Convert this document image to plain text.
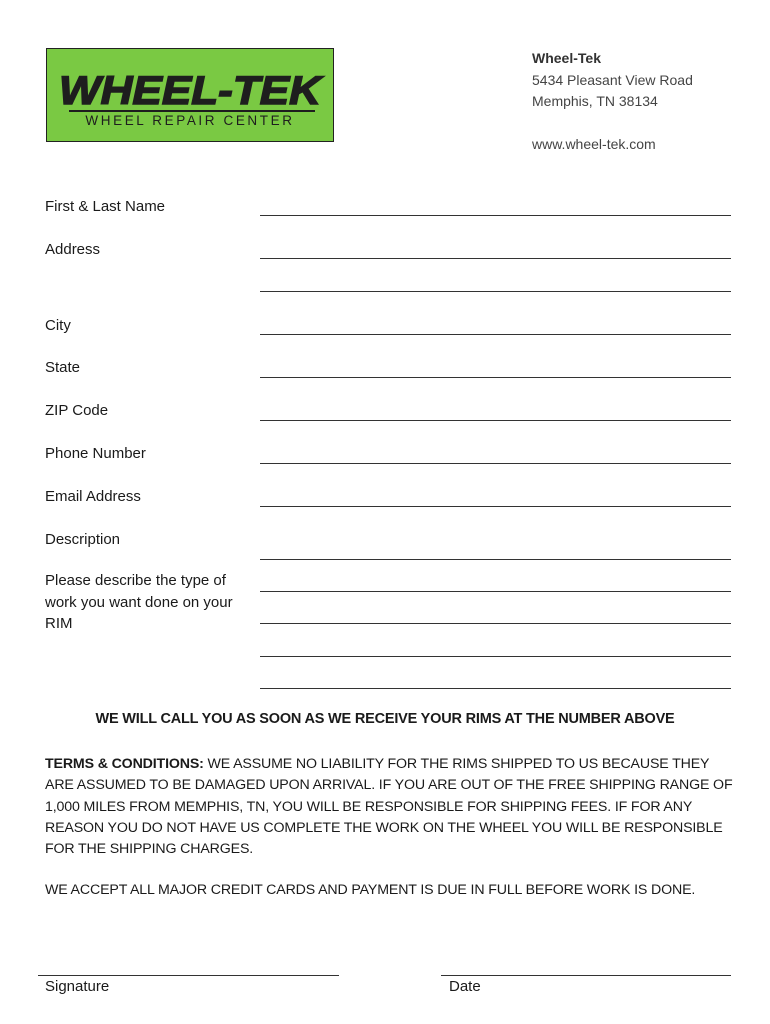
WHEEL-TEK
WHEEL REPAIR CENTER
Wheel-Tek
5434 Pleasant View Road
Memphis, TN 38134
www.wheel-tek.com
First & Last Name
Address
City
State
ZIP Code
Phone Number
Email Address
Description
Please describe the type of work you want done on your RIM
WE WILL CALL YOU AS SOON AS WE RECEIVE YOUR RIMS AT THE NUMBER ABOVE
TERMS & CONDITIONS: WE ASSUME NO LIABILITY FOR THE RIMS SHIPPED TO US BECAUSE THEY ARE ASSUMED TO BE DAMAGED UPON ARRIVAL. IF YOU ARE OUT OF THE FREE SHIPPING RANGE OF 1,000 MILES FROM MEMPHIS, TN, YOU WILL BE RESPONSIBLE FOR SHIPPING FEES. IF FOR ANY REASON YOU DO NOT HAVE US COMPLETE THE WORK ON THE WHEEL YOU WILL BE RESPONSIBLE FOR THE SHIPPING CHARGES.
WE ACCEPT ALL MAJOR CREDIT CARDS AND PAYMENT IS DUE IN FULL BEFORE WORK IS DONE.
Signature	Date
